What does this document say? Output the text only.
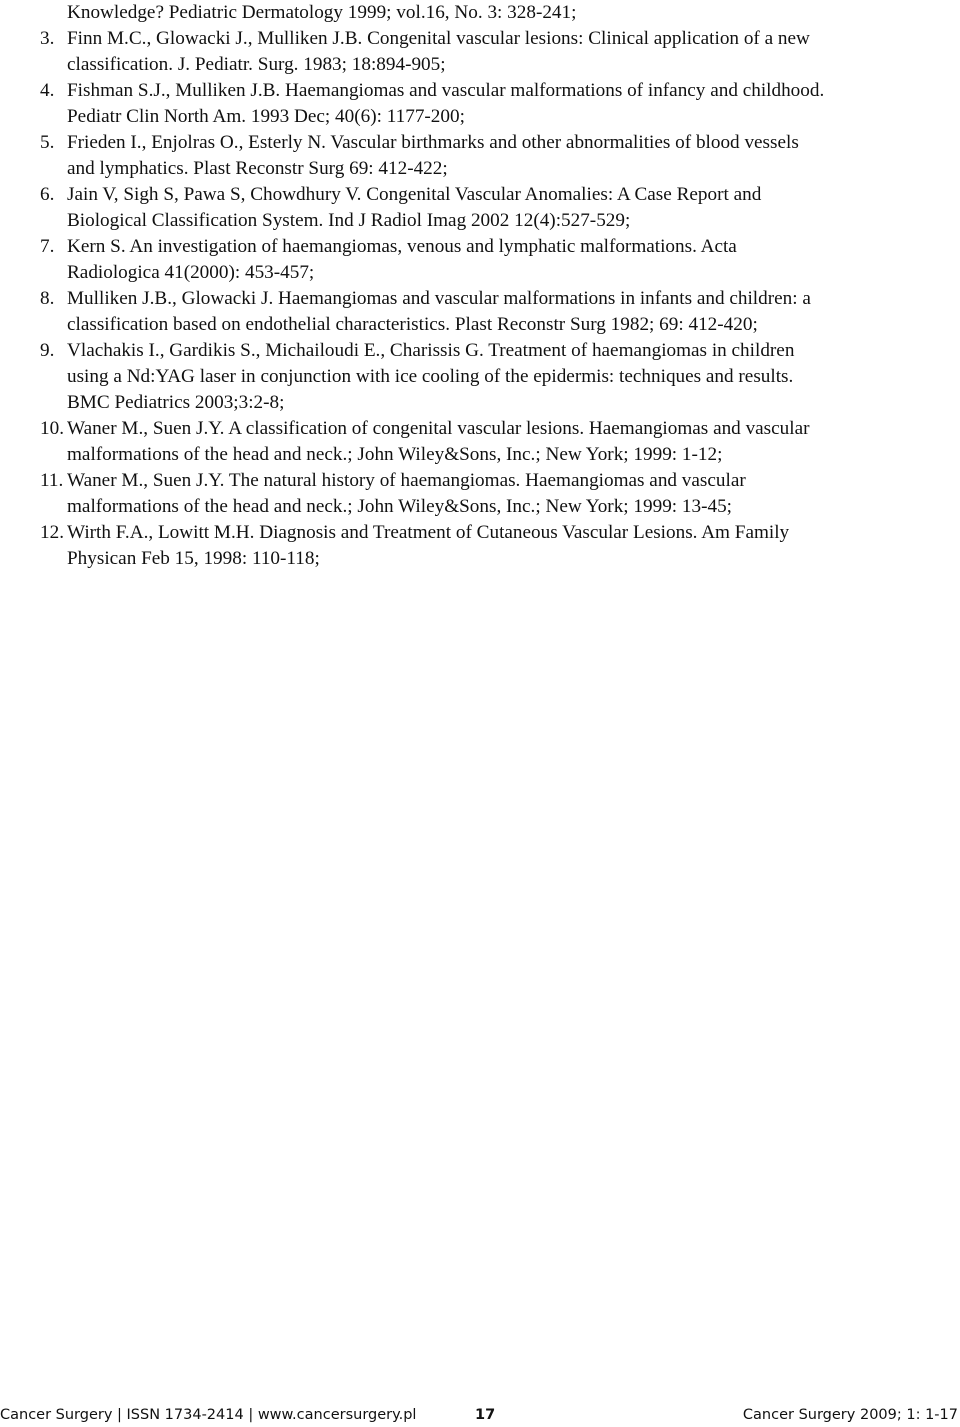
Knowledge? Pediatric Dermatology 1999; vol.16, No. 3: 328-241;
3. Finn M.C., Glowacki J., Mulliken J.B. Congenital vascular lesions: Clinical application of a new
classification. J. Pediatr. Surg. 1983; 18:894-905;
4. Fishman S.J., Mulliken J.B. Haemangiomas and vascular malformations of infancy and childhood.
Pediatr Clin North Am. 1993 Dec; 40(6): 1177-200;
5. Frieden I., Enjolras O., Esterly N. Vascular birthmarks and other abnormalities of blood vessels
and lymphatics. Plast Reconstr Surg 69: 412-422;
6. Jain V, Sigh S, Pawa S, Chowdhury V. Congenital Vascular Anomalies: A Case Report and
Biological Classification System. Ind J Radiol Imag 2002 12(4):527-529;
7. Kern S. An investigation of haemangiomas, venous and lymphatic malformations. Acta
Radiologica 41(2000): 453-457;
8. Mulliken J.B., Glowacki J. Haemangiomas and vascular malformations in infants and children: a
classification based on endothelial characteristics. Plast Reconstr Surg 1982; 69: 412-420;
9. Vlachakis I., Gardikis S., Michailoudi E., Charissis G. Treatment of haemangiomas in children
using a Nd:YAG laser in conjunction with ice cooling of the epidermis: techniques and results.
BMC Pediatrics 2003;3:2-8;
10. Waner M., Suen J.Y. A classification of congenital vascular lesions. Haemangiomas and vascular
malformations of the head and neck.; John Wiley&Sons, Inc.; New York; 1999: 1-12;
11. Waner M., Suen J.Y. The natural history of haemangiomas. Haemangiomas and vascular
malformations of the head and neck.; John Wiley&Sons, Inc.; New York; 1999: 13-45;
12. Wirth F.A., Lowitt M.H. Diagnosis and Treatment of Cutaneous Vascular Lesions. Am Family
Physican Feb 15, 1998: 110-118;
Cancer Surgery | ISSN 1734-2414 | www.cancersurgery.pl	17	Cancer Surgery 2009; 1: 1-17
